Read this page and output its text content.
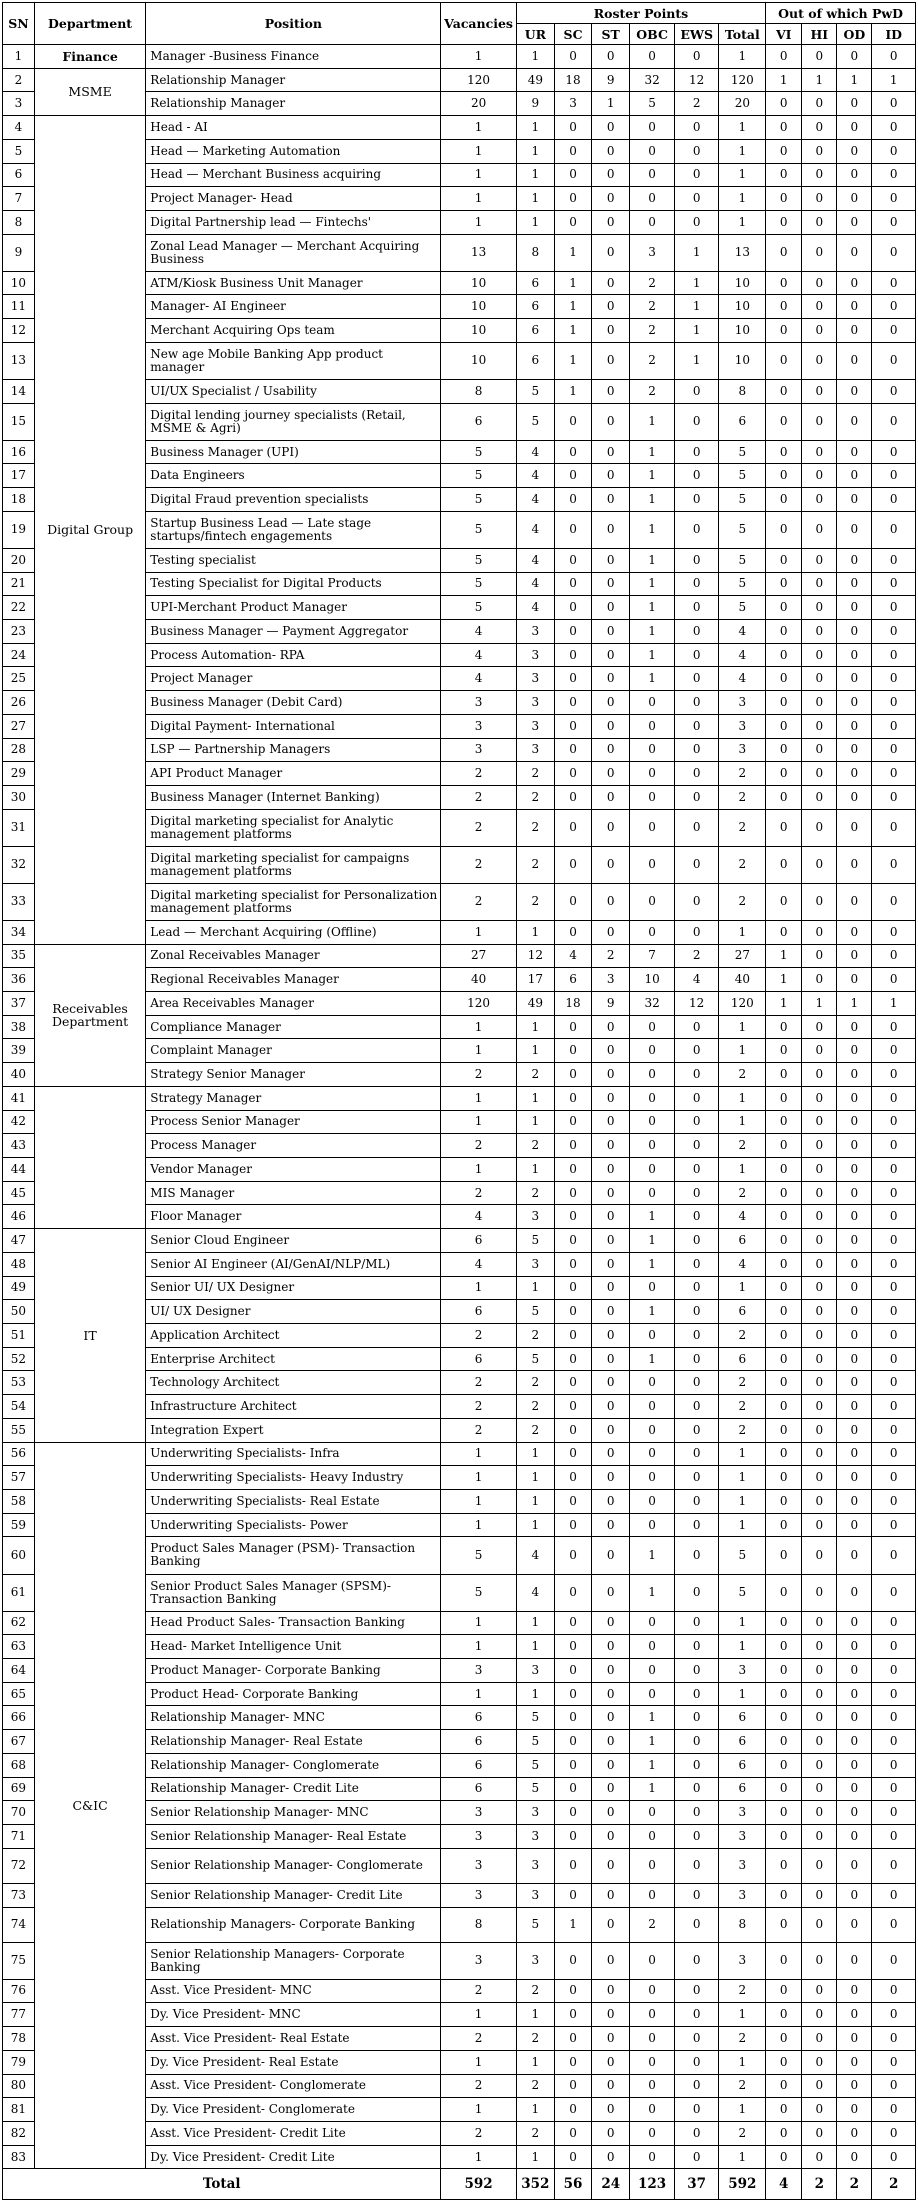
SN	Department	Position	Vacancies	Roster Points						Out of which PwD			
				UR	SC	ST	OBC	EWS	Total	VI	HI	OD	ID
1	Finance	Manager -Business Finance	1	1	0	0	0	0	1	0	0	0	0
2	MSME	Relationship Manager	120	49	18	9	32	12	120	1	1	1	1
3		Relationship Manager	20	9	3	1	5	2	20	0	0	0	0
4	Digital Group	Head - AI	1	1	0	0	0	0	1	0	0	0	0
5		Head — Marketing Automation	1	1	0	0	0	0	1	0	0	0	0
6		Head — Merchant Business acquiring	1	1	0	0	0	0	1	0	0	0	0
7		Project Manager- Head	1	1	0	0	0	0	1	0	0	0	0
8		Digital Partnership lead — Fintechs'	1	1	0	0	0	0	1	0	0	0	0
9		Zonal Lead Manager — Merchant Acquiring Business	13	8	1	0	3	1	13	0	0	0	0
10		ATM/Kiosk Business Unit Manager	10	6	1	0	2	1	10	0	0	0	0
11		Manager- AI Engineer	10	6	1	0	2	1	10	0	0	0	0
12		Merchant Acquiring Ops team	10	6	1	0	2	1	10	0	0	0	0
13		New age Mobile Banking App product manager	10	6	1	0	2	1	10	0	0	0	0
14		UI/UX Specialist / Usability	8	5	1	0	2	0	8	0	0	0	0
15		Digital lending journey specialists (Retail, MSME & Agri)	6	5	0	0	1	0	6	0	0	0	0
16		Business Manager (UPI)	5	4	0	0	1	0	5	0	0	0	0
17		Data Engineers	5	4	0	0	1	0	5	0	0	0	0
18		Digital Fraud prevention specialists	5	4	0	0	1	0	5	0	0	0	0
19		Startup Business Lead — Late stage startups/fintech engagements	5	4	0	0	1	0	5	0	0	0	0
20		Testing specialist	5	4	0	0	1	0	5	0	0	0	0
21		Testing Specialist for Digital Products	5	4	0	0	1	0	5	0	0	0	0
22		UPI-Merchant Product Manager	5	4	0	0	1	0	5	0	0	0	0
23		Business Manager — Payment Aggregator	4	3	0	0	1	0	4	0	0	0	0
24		Process Automation- RPA	4	3	0	0	1	0	4	0	0	0	0
25		Project Manager	4	3	0	0	1	0	4	0	0	0	0
26		Business Manager (Debit Card)	3	3	0	0	0	0	3	0	0	0	0
27		Digital Payment- International	3	3	0	0	0	0	3	0	0	0	0
28		LSP — Partnership Managers	3	3	0	0	0	0	3	0	0	0	0
29		API Product Manager	2	2	0	0	0	0	2	0	0	0	0
30		Business Manager (Internet Banking)	2	2	0	0	0	0	2	0	0	0	0
31		Digital marketing specialist for Analytic management platforms	2	2	0	0	0	0	2	0	0	0	0
32		Digital marketing specialist for campaigns management platforms	2	2	0	0	0	0	2	0	0	0	0
33		Digital marketing specialist for Personalization management platforms	2	2	0	0	0	0	2	0	0	0	0
34		Lead — Merchant Acquiring (Offline)	1	1	0	0	0	0	1	0	0	0	0
35	Receivables Department	Zonal Receivables Manager	27	12	4	2	7	2	27	1	0	0	0
36		Regional Receivables Manager	40	17	6	3	10	4	40	1	0	0	0
37		Area Receivables Manager	120	49	18	9	32	12	120	1	1	1	1
38		Compliance Manager	1	1	0	0	0	0	1	0	0	0	0
39		Complaint Manager	1	1	0	0	0	0	1	0	0	0	0
40		Strategy Senior Manager	2	2	0	0	0	0	2	0	0	0	0
41		Strategy Manager	1	1	0	0	0	0	1	0	0	0	0
42		Process Senior Manager	1	1	0	0	0	0	1	0	0	0	0
43		Process Manager	2	2	0	0	0	0	2	0	0	0	0
44		Vendor Manager	1	1	0	0	0	0	1	0	0	0	0
45		MIS Manager	2	2	0	0	0	0	2	0	0	0	0
46		Floor Manager	4	3	0	0	1	0	4	0	0	0	0
47	IT	Senior Cloud Engineer	6	5	0	0	1	0	6	0	0	0	0
48		Senior AI Engineer (AI/GenAI/NLP/ML)	4	3	0	0	1	0	4	0	0	0	0
49		Senior UI/ UX Designer	1	1	0	0	0	0	1	0	0	0	0
50		UI/ UX Designer	6	5	0	0	1	0	6	0	0	0	0
51		Application Architect	2	2	0	0	0	0	2	0	0	0	0
52		Enterprise Architect	6	5	0	0	1	0	6	0	0	0	0
53		Technology Architect	2	2	0	0	0	0	2	0	0	0	0
54		Infrastructure Architect	2	2	0	0	0	0	2	0	0	0	0
55		Integration Expert	2	2	0	0	0	0	2	0	0	0	0
56	C&IC	Underwriting Specialists- Infra	1	1	0	0	0	0	1	0	0	0	0
57		Underwriting Specialists- Heavy Industry	1	1	0	0	0	0	1	0	0	0	0
58		Underwriting Specialists- Real Estate	1	1	0	0	0	0	1	0	0	0	0
59		Underwriting Specialists- Power	1	1	0	0	0	0	1	0	0	0	0
60		Product Sales Manager (PSM)- Transaction Banking	5	4	0	0	1	0	5	0	0	0	0
61		Senior Product Sales Manager (SPSM)- Transaction Banking	5	4	0	0	1	0	5	0	0	0	0
62		Head Product Sales- Transaction Banking	1	1	0	0	0	0	1	0	0	0	0
63		Head- Market Intelligence Unit	1	1	0	0	0	0	1	0	0	0	0
64		Product Manager- Corporate Banking	3	3	0	0	0	0	3	0	0	0	0
65		Product Head- Corporate Banking	1	1	0	0	0	0	1	0	0	0	0
66		Relationship Manager- MNC	6	5	0	0	1	0	6	0	0	0	0
67		Relationship Manager- Real Estate	6	5	0	0	1	0	6	0	0	0	0
68		Relationship Manager- Conglomerate	6	5	0	0	1	0	6	0	0	0	0
69		Relationship Manager- Credit Lite	6	5	0	0	1	0	6	0	0	0	0
70		Senior Relationship Manager- MNC	3	3	0	0	0	0	3	0	0	0	0
71		Senior Relationship Manager- Real Estate	3	3	0	0	0	0	3	0	0	0	0
72		Senior Relationship Manager- Conglomerate	3	3	0	0	0	0	3	0	0	0	0
73		Senior Relationship Manager- Credit Lite	3	3	0	0	0	0	3	0	0	0	0
74		Relationship Managers- Corporate Banking	8	5	1	0	2	0	8	0	0	0	0
75		Senior Relationship Managers- Corporate Banking	3	3	0	0	0	0	3	0	0	0	0
76		Asst. Vice President- MNC	2	2	0	0	0	0	2	0	0	0	0
77		Dy. Vice President- MNC	1	1	0	0	0	0	1	0	0	0	0
78		Asst. Vice President- Real Estate	2	2	0	0	0	0	2	0	0	0	0
79		Dy. Vice President- Real Estate	1	1	0	0	0	0	1	0	0	0	0
80		Asst. Vice President- Conglomerate	2	2	0	0	0	0	2	0	0	0	0
81		Dy. Vice President- Conglomerate	1	1	0	0	0	0	1	0	0	0	0
82		Asst. Vice President- Credit Lite	2	2	0	0	0	0	2	0	0	0	0
83		Dy. Vice President- Credit Lite	1	1	0	0	0	0	1	0	0	0	0
Total			592	352	56	24	123	37	592	4	2	2	2
